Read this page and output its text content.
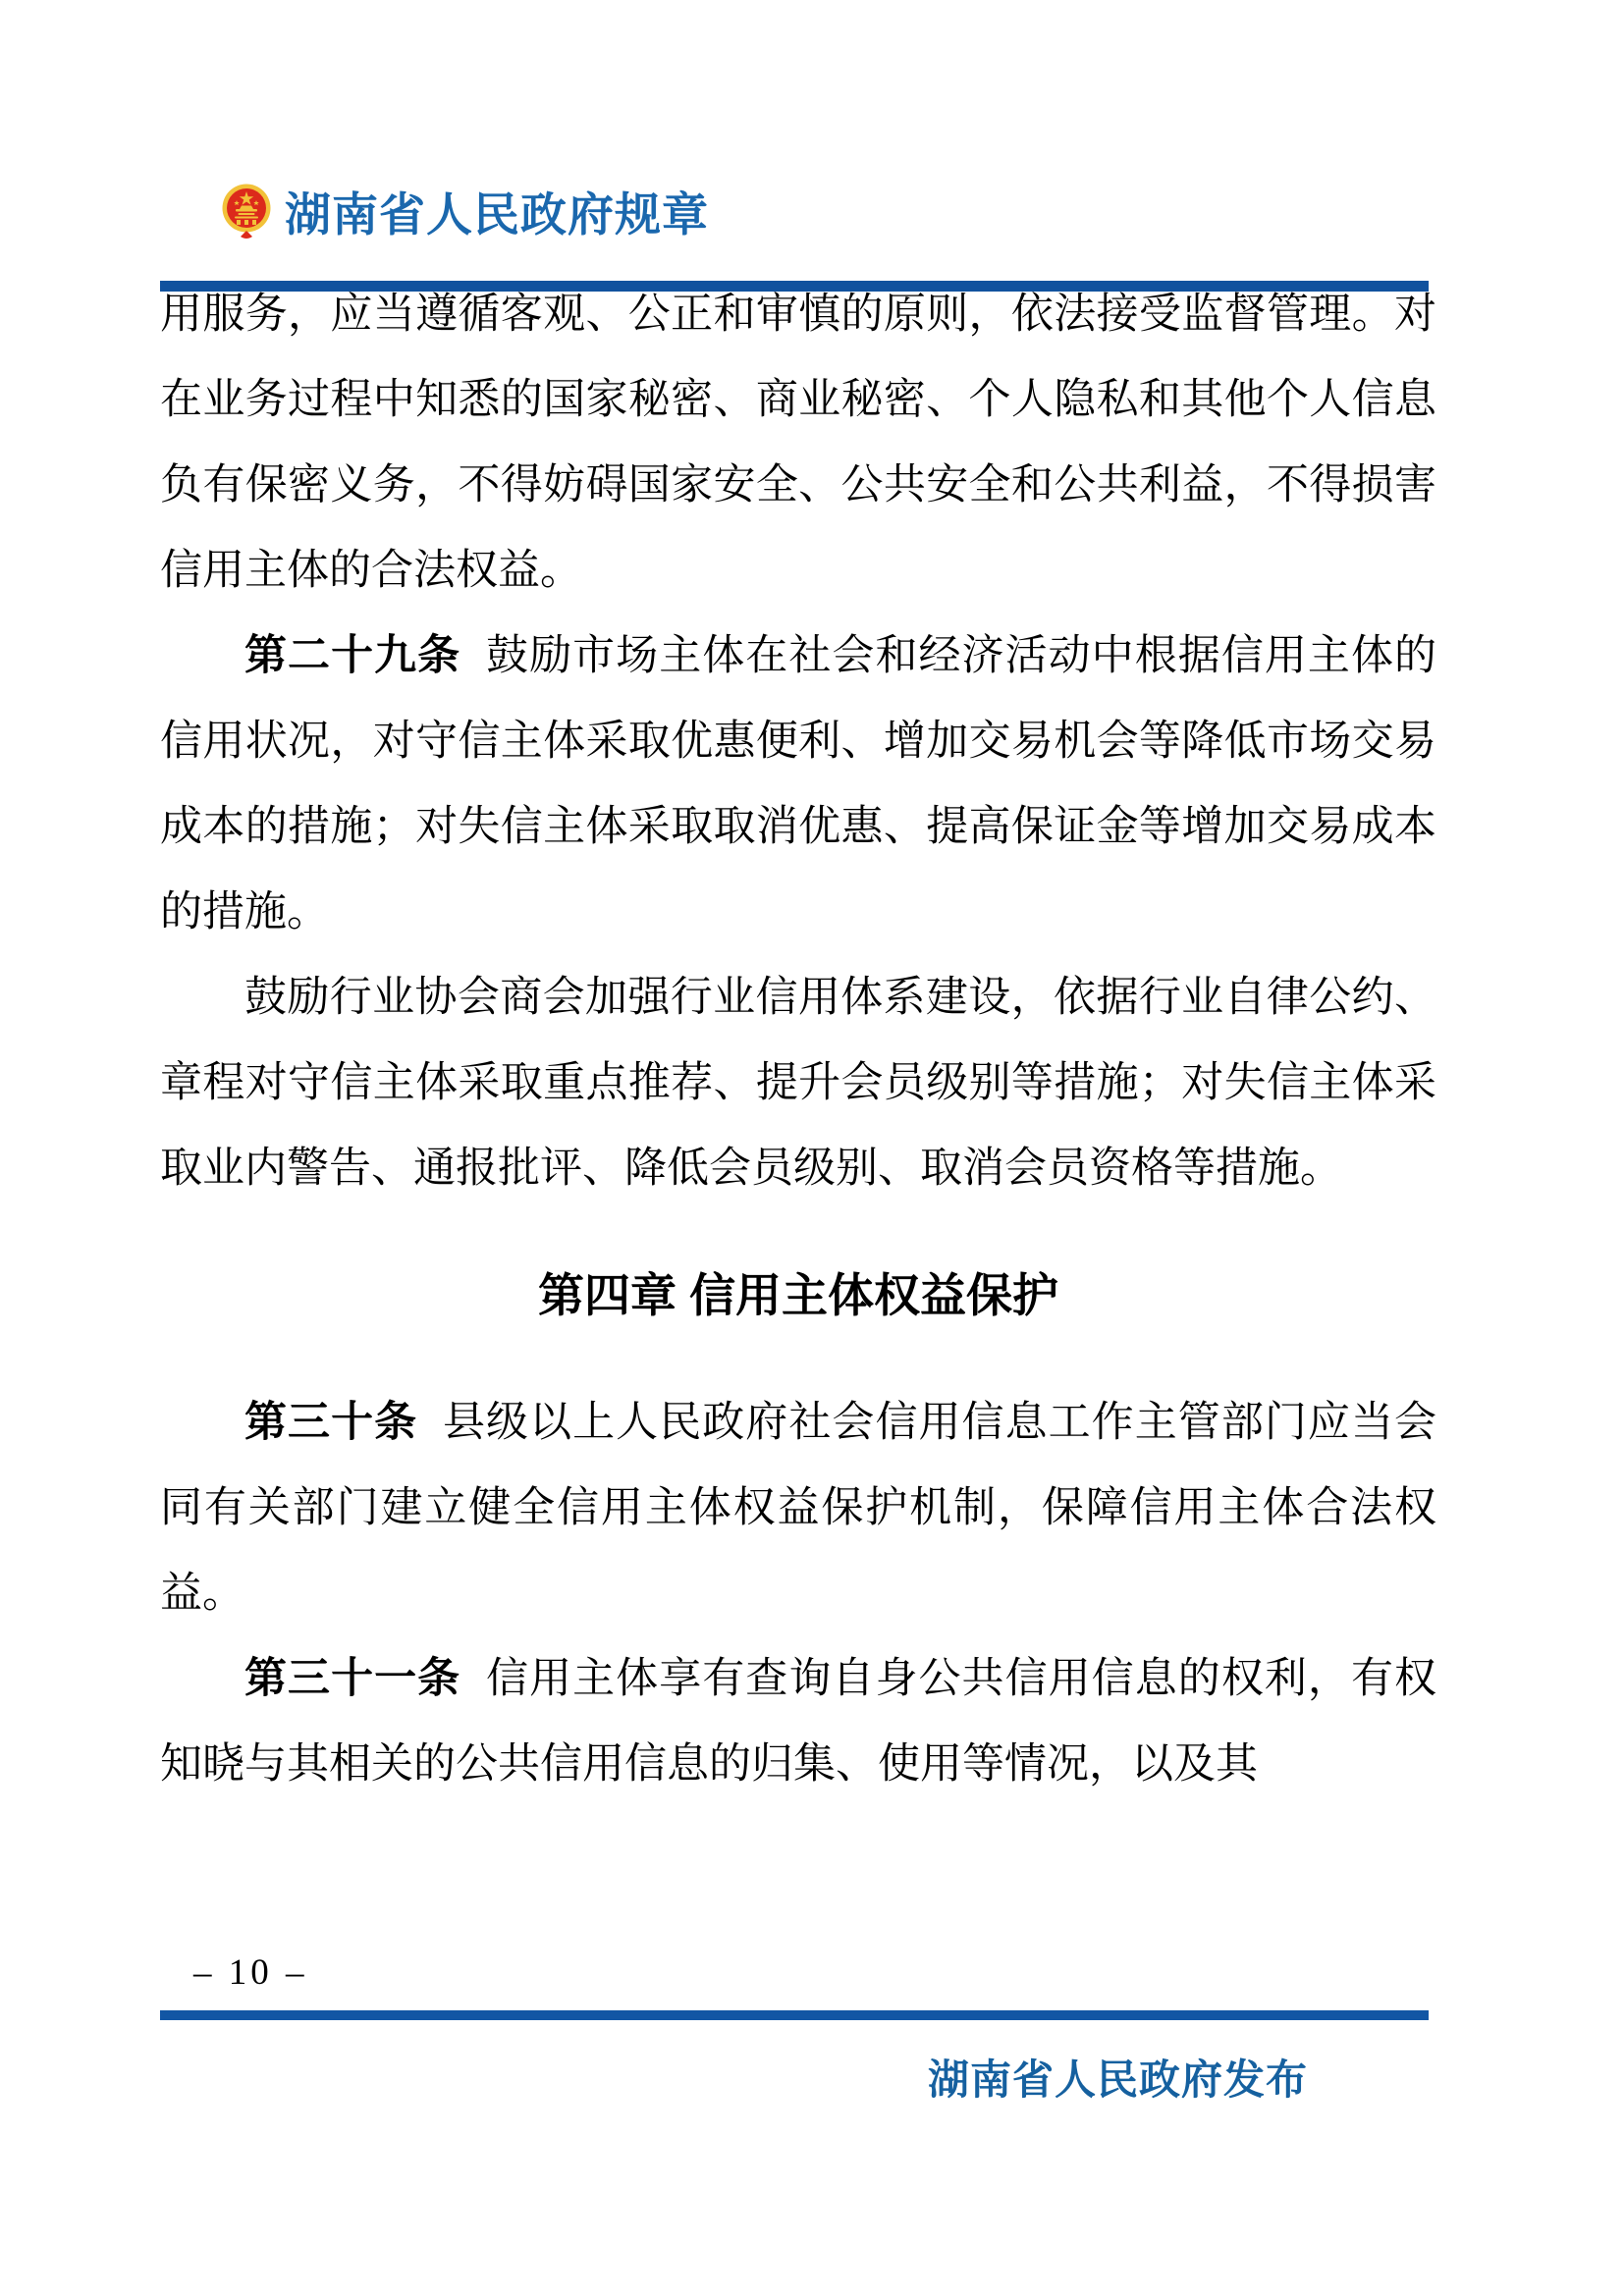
湖南省人民政府规章

用服务，应当遵循客观、公正和审慎的原则，依法接受监督管理。对在业务过程中知悉的国家秘密、商业秘密、个人隐私和其他个人信息负有保密义务，不得妨碍国家安全、公共安全和公共利益，不得损害信用主体的合法权益。

第二十九条 鼓励市场主体在社会和经济活动中根据信用主体的信用状况，对守信主体采取优惠便利、增加交易机会等降低市场交易成本的措施；对失信主体采取取消优惠、提高保证金等增加交易成本的措施。

鼓励行业协会商会加强行业信用体系建设，依据行业自律公约、章程对守信主体采取重点推荐、提升会员级别等措施；对失信主体采取业内警告、通报批评、降低会员级别、取消会员资格等措施。

第四章 信用主体权益保护

第三十条 县级以上人民政府社会信用信息工作主管部门应当会同有关部门建立健全信用主体权益保护机制，保障信用主体合法权益。

第三十一条 信用主体享有查询自身公共信用信息的权利，有权知晓与其相关的公共信用信息的归集、使用等情况，以及其

– 10 –
湖南省人民政府发布
